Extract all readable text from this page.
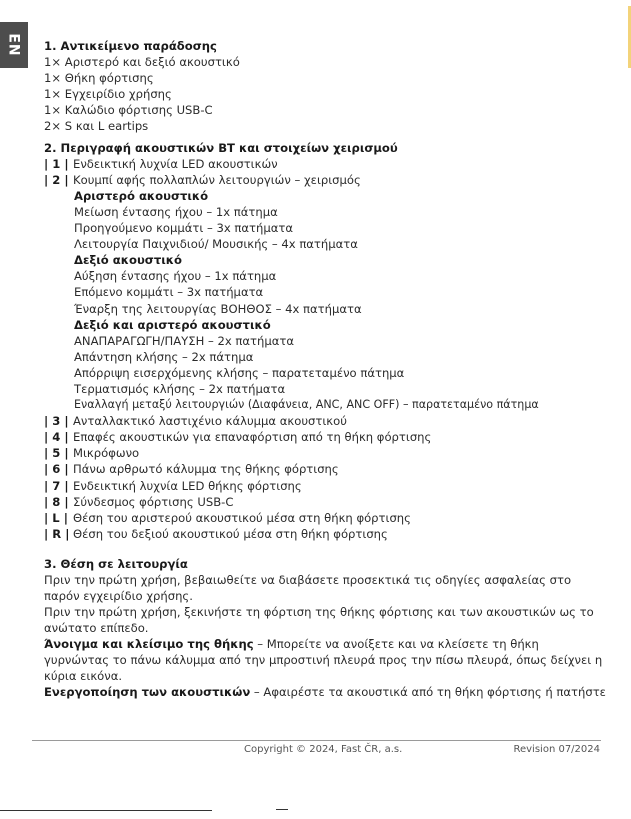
EN 1. Αντικείμενο παράδοσης
1× Αριστερό και δεξιό ακουστικό
1× Θήκη φόρτισης
1× Εγχειρίδιο χρήσης
1× Καλώδιο φόρτισης USB-C
2× S και L eartips
2. Περιγραφή ακουστικών BT και στοιχείων χειρισμού
| 1 | Ενδεικτική λυχνία LED ακουστικών
| 2 | Κουμπί αφής πολλαπλών λειτουργιών – χειρισμός
Αριστερό ακουστικό
Μείωση έντασης ήχου – 1x πάτημα
Προηγούμενο κομμάτι – 3x πατήματα
Λειτουργία Παιχνιδιού/ Μουσικής – 4x πατήματα
Δεξιό ακουστικό
Αύξηση έντασης ήχου – 1x πάτημα
Επόμενο κομμάτι – 3x πατήματα
Έναρξη της λειτουργίας ΒΟΗΘΟΣ – 4x πατήματα
Δεξιό και αριστερό ακουστικό
ΑΝΑΠΑΡΑΓΩΓΗ/ΠΑΥΣΗ – 2x πατήματα
Απάντηση κλήσης – 2x πάτημα
Απόρριψη εισερχόμενης κλήσης – παρατεταμένο πάτημα
Τερματισμός κλήσης – 2x πατήματα
Εναλλαγή μεταξύ λειτουργιών (Διαφάνεια, ANC, ANC OFF) – παρατεταμένο πάτημα
| 3 | Ανταλλακτικό λαστιχένιο κάλυμμα ακουστικού
| 4 | Επαφές ακουστικών για επαναφόρτιση από τη θήκη φόρτισης
| 5 | Μικρόφωνο
| 6 | Πάνω αρθρωτό κάλυμμα της θήκης φόρτισης
| 7 | Ενδεικτική λυχνία LED θήκης φόρτισης
| 8 | Σύνδεσμος φόρτισης USB-C
| L | Θέση του αριστερού ακουστικού μέσα στη θήκη φόρτισης
| R | Θέση του δεξιού ακουστικού μέσα στη θήκη φόρτισης
3. Θέση σε λειτουργία
Πριν την πρώτη χρήση, βεβαιωθείτε να διαβάσετε προσεκτικά τις οδηγίες ασφαλείας στο παρόν εγχειρίδιο χρήσης.
Πριν την πρώτη χρήση, ξεκινήστε τη φόρτιση της θήκης φόρτισης και των ακουστικών ως το ανώτατο επίπεδο.
Άνοιγμα και κλείσιμο της θήκης – Μπορείτε να ανοίξετε και να κλείσετε τη θήκη γυρνώντας το πάνω κάλυμμα από την μπροστινή πλευρά προς την πίσω πλευρά, όπως δείχνει η κύρια εικόνα.
Ενεργοποίηση των ακουστικών – Αφαιρέστε τα ακουστικά από τη θήκη φόρτισης ή πατήστε
Copyright © 2024, Fast ČR, a.s.	Revision 07/2024
